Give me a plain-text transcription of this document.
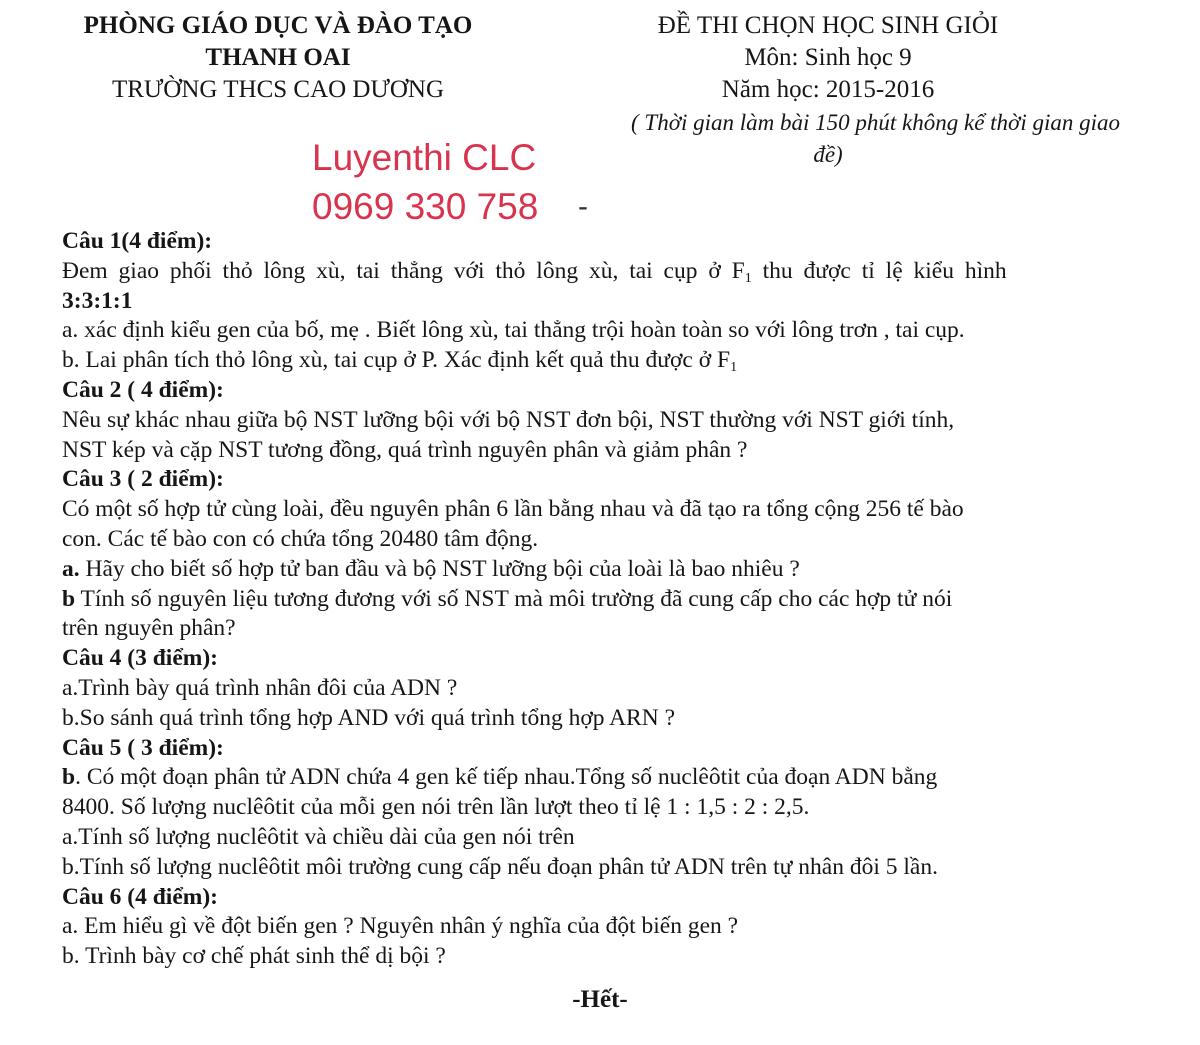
PHÒNG GIÁO DỤC VÀ ĐÀO TẠO
THANH OAI
TRƯỜNG THCS CAO DƯƠNG
ĐỀ THI CHỌN HỌC SINH GIỎI
Môn: Sinh học 9
Năm học: 2015-2016
( Thời gian làm bài 150 phút không kể thời gian giao
đề)
Luyenthi CLC
0969 330 758 -
Câu 1(4 điểm):
Đem giao phối thỏ lông xù, tai thẳng với thỏ lông xù, tai cụp ở $F_1$ thu được tỉ lệ kiểu hình
3:3:1:1
a. xác định kiểu gen của bố, mẹ . Biết lông xù, tai thẳng trội hoàn toàn so với lông trơn , tai cụp.
b. Lai phân tích thỏ lông xù, tai cụp ở P. Xác định kết quả thu được ở $F_1$
Câu 2 ( 4 điểm):
Nêu sự khác nhau giữa bộ NST lưỡng bội với bộ NST đơn bội, NST thường với NST giới tính,
NST kép và cặp NST tương đồng, quá trình nguyên phân và giảm phân ?
Câu 3 ( 2 điểm):
Có một số hợp tử cùng loài, đều nguyên phân 6 lần bằng nhau và đã tạo ra tổng cộng 256 tế bào
con. Các tế bào con có chứa tổng 20480 tâm động.
a. Hãy cho biết số hợp tử ban đầu và bộ NST lưỡng bội của loài là bao nhiêu ?
b Tính số nguyên liệu tương đương với số NST mà môi trường đã cung cấp cho các hợp tử nói
trên nguyên phân?
Câu 4 (3 điểm):
a.Trình bày quá trình nhân đôi của ADN ?
b.So sánh quá trình tổng hợp AND với quá trình tổng hợp ARN ?
Câu 5 ( 3 điểm):
b. Có một đoạn phân tử ADN chứa 4 gen kế tiếp nhau.Tổng số nuclêôtit của đoạn ADN bằng
8400. Số lượng nuclêôtit của mỗi gen nói trên lần lượt theo tỉ lệ 1 : 1,5 : 2 : 2,5.
a.Tính số lượng nuclêôtit và chiều dài của gen nói trên
b.Tính số lượng nuclêôtit môi trường cung cấp nếu đoạn phân tử ADN trên tự nhân đôi 5 lần.
Câu 6 (4 điểm):
a. Em hiểu gì về đột biến gen ? Nguyên nhân ý nghĩa của đột biến gen ?
b. Trình bày cơ chế phát sinh thể dị bội ?
-Hết-
